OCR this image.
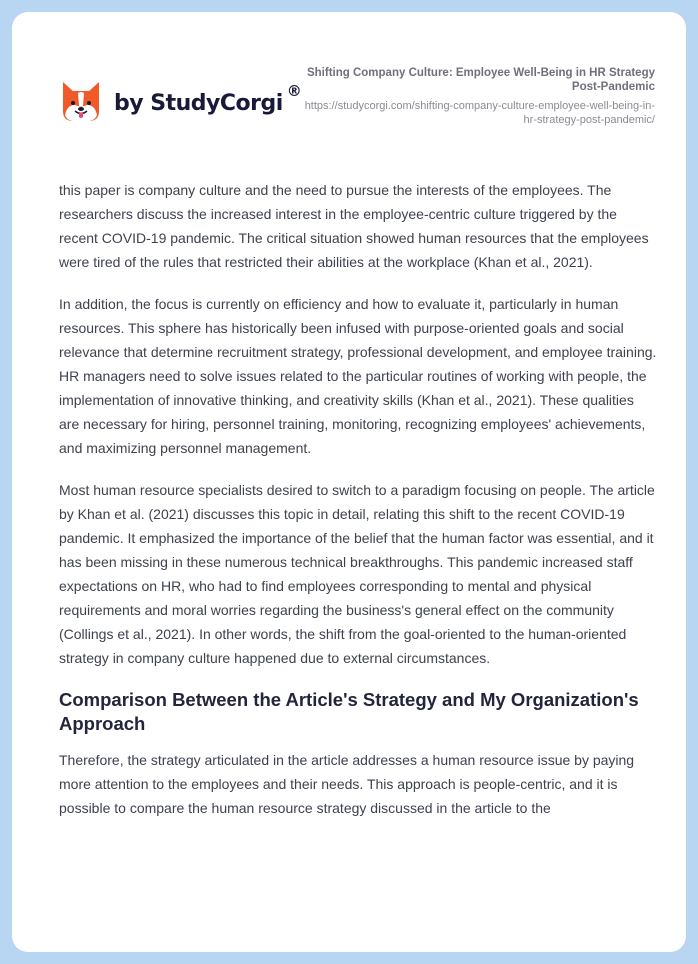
by StudyCorgi ®
Shifting Company Culture: Employee Well-Being in HR Strategy Post-Pandemic
https://studycorgi.com/shifting-company-culture-employee-well-being-in-hr-strategy-post-pandemic/

this paper is company culture and the need to pursue the interests of the employees. The researchers discuss the increased interest in the employee-centric culture triggered by the recent COVID-19 pandemic. The critical situation showed human resources that the employees were tired of the rules that restricted their abilities at the workplace (Khan et al., 2021).

In addition, the focus is currently on efficiency and how to evaluate it, particularly in human resources. This sphere has historically been infused with purpose-oriented goals and social relevance that determine recruitment strategy, professional development, and employee training. HR managers need to solve issues related to the particular routines of working with people, the implementation of innovative thinking, and creativity skills (Khan et al., 2021). These qualities are necessary for hiring, personnel training, monitoring, recognizing employees' achievements, and maximizing personnel management.

Most human resource specialists desired to switch to a paradigm focusing on people. The article by Khan et al. (2021) discusses this topic in detail, relating this shift to the recent COVID-19 pandemic. It emphasized the importance of the belief that the human factor was essential, and it has been missing in these numerous technical breakthroughs. This pandemic increased staff expectations on HR, who had to find employees corresponding to mental and physical requirements and moral worries regarding the business's general effect on the community (Collings et al., 2021). In other words, the shift from the goal-oriented to the human-oriented strategy in company culture happened due to external circumstances.

Comparison Between the Article's Strategy and My Organization's Approach

Therefore, the strategy articulated in the article addresses a human resource issue by paying more attention to the employees and their needs. This approach is people-centric, and it is possible to compare the human resource strategy discussed in the article to the
